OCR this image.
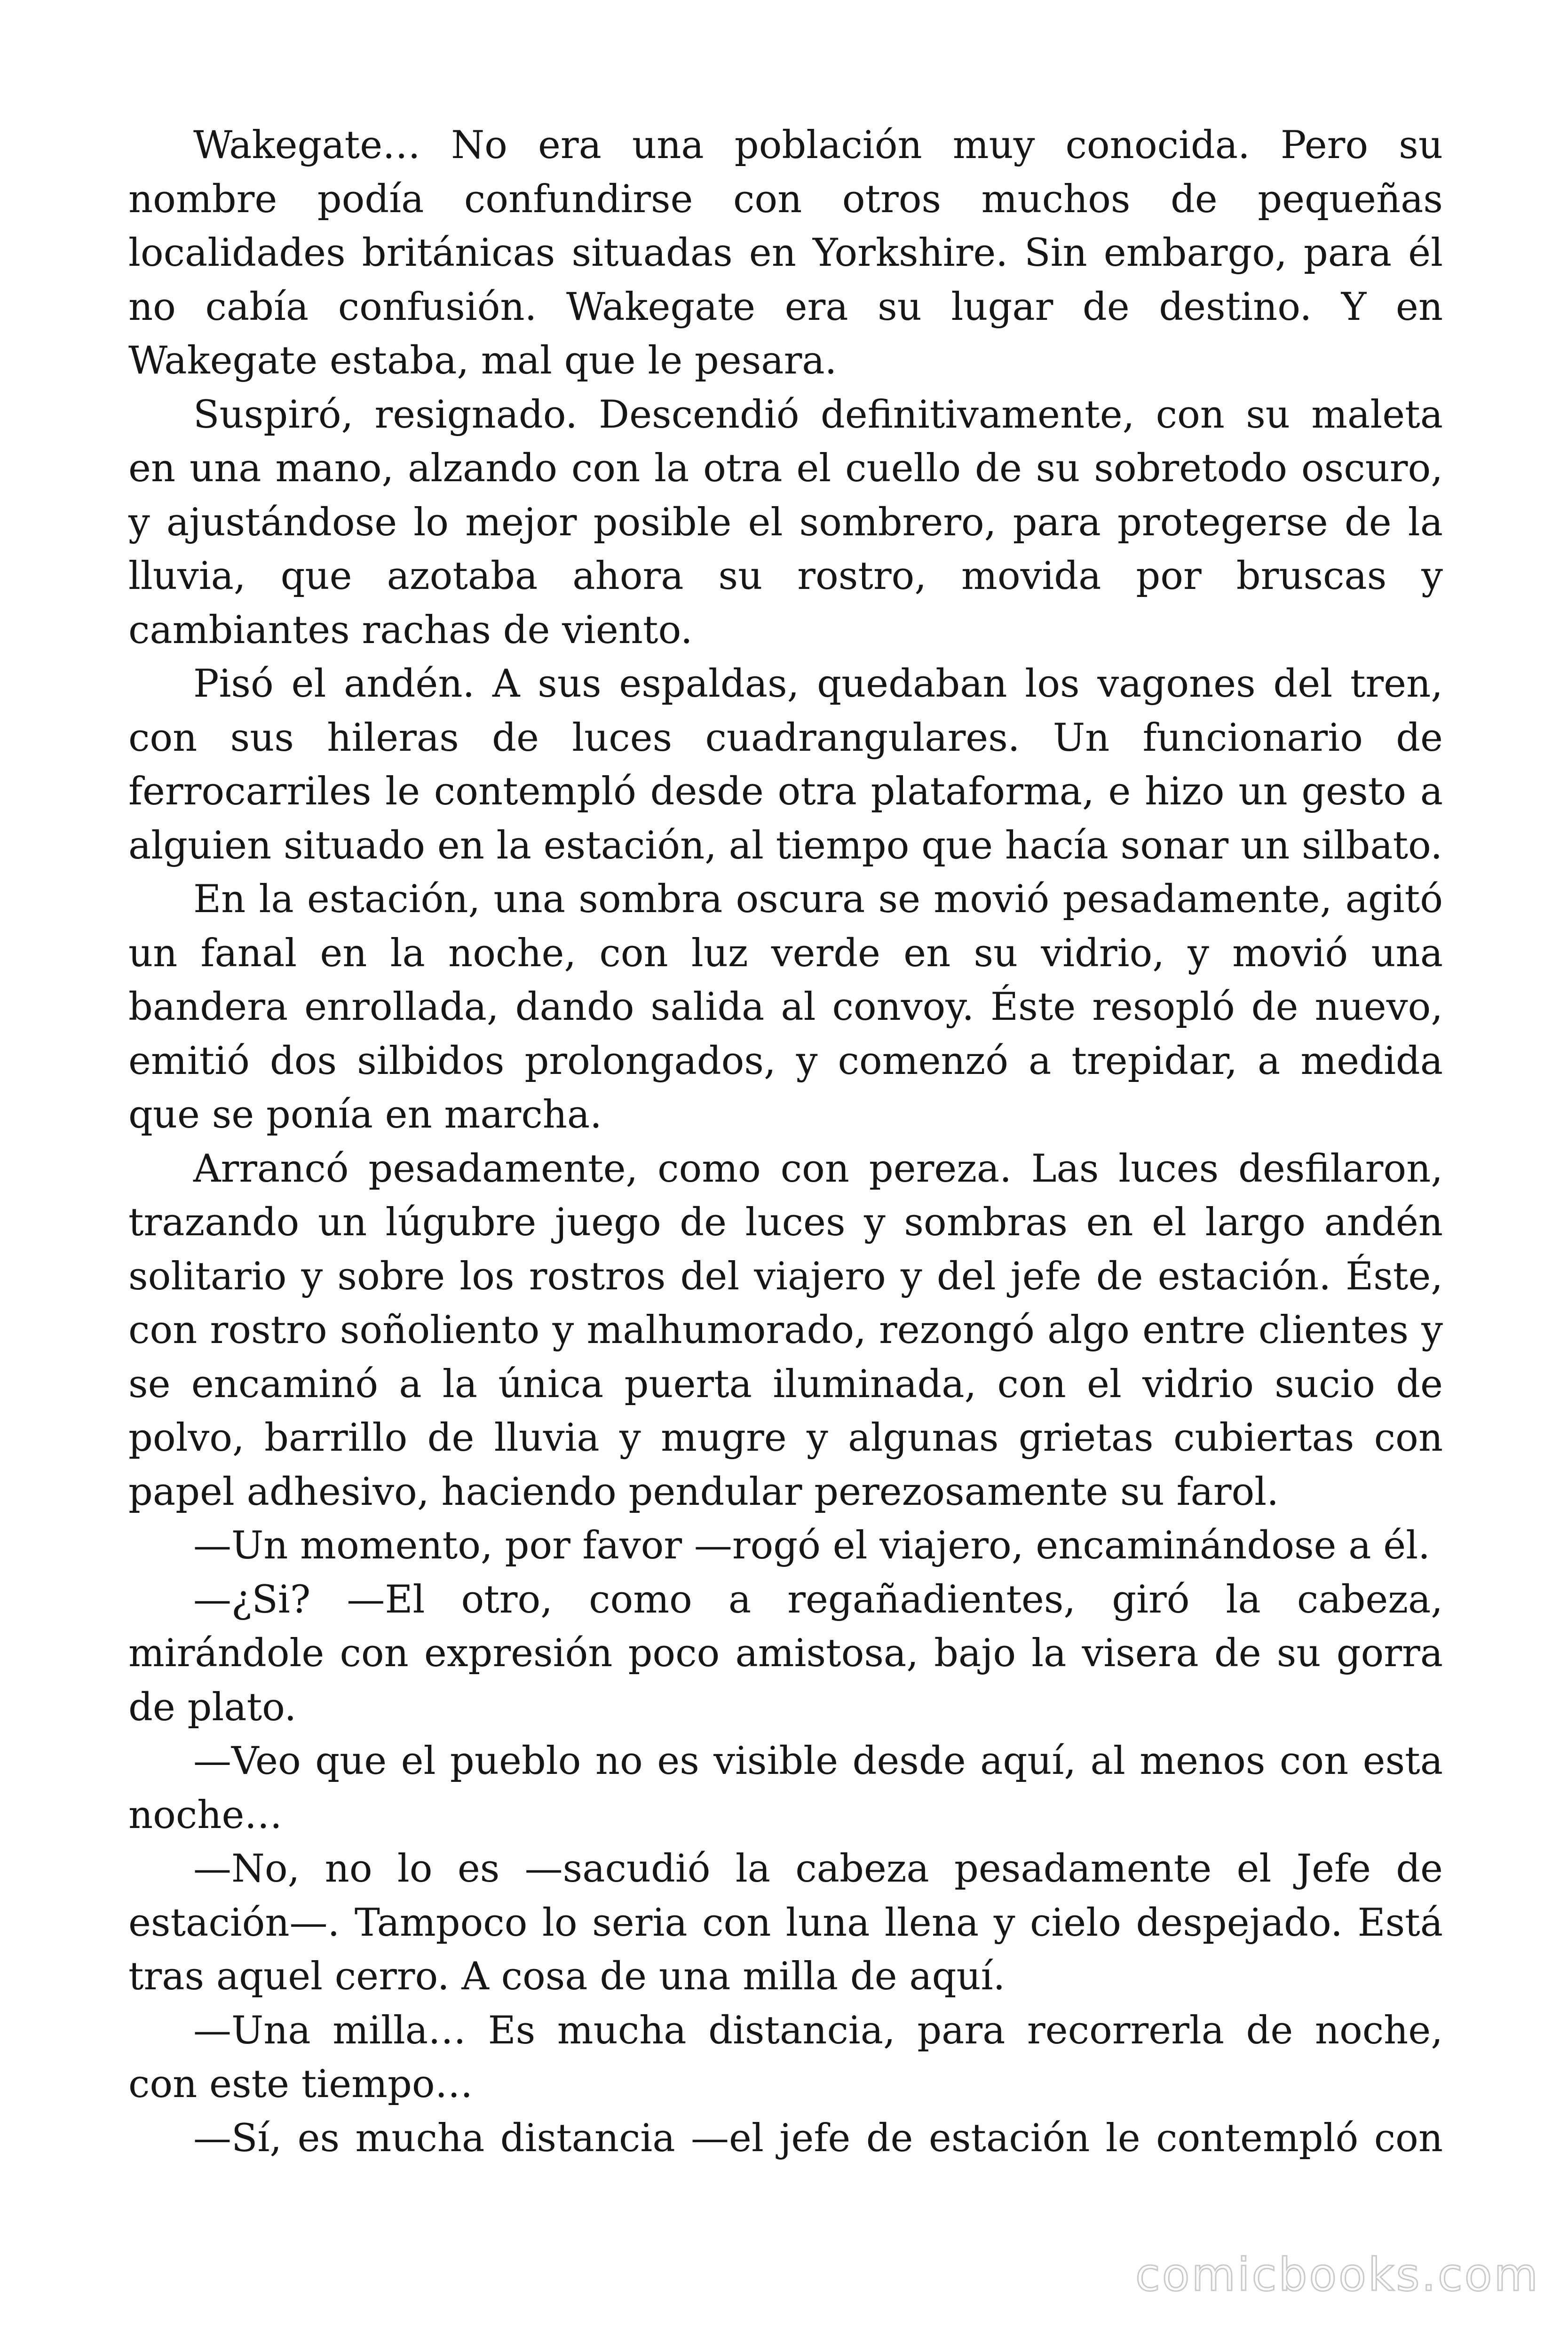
Wakegate… No era una población muy conocida. Pero su nombre podía confundirse con otros muchos de pequeñas localidades británicas situadas en Yorkshire. Sin embargo, para él no cabía confusión. Wakegate era su lugar de destino. Y en Wakegate estaba, mal que le pesara.

Suspiró, resignado. Descendió definitivamente, con su maleta en una mano, alzando con la otra el cuello de su sobretodo oscuro, y ajustándose lo mejor posible el sombrero, para protegerse de la lluvia, que azotaba ahora su rostro, movida por bruscas y cambiantes rachas de viento.

Pisó el andén. A sus espaldas, quedaban los vagones del tren, con sus hileras de luces cuadrangulares. Un funcionario de ferrocarriles le contempló desde otra plataforma, e hizo un gesto a alguien situado en la estación, al tiempo que hacía sonar un silbato.

En la estación, una sombra oscura se movió pesadamente, agitó un fanal en la noche, con luz verde en su vidrio, y movió una bandera enrollada, dando salida al convoy. Éste resopló de nuevo, emitió dos silbidos prolongados, y comenzó a trepidar, a medida que se ponía en marcha.

Arrancó pesadamente, como con pereza. Las luces desfilaron, trazando un lúgubre juego de luces y sombras en el largo andén solitario y sobre los rostros del viajero y del jefe de estación. Éste, con rostro soñoliento y malhumorado, rezongó algo entre clientes y se encaminó a la única puerta iluminada, con el vidrio sucio de polvo, barrillo de lluvia y mugre y algunas grietas cubiertas con papel adhesivo, haciendo pendular perezosamente su farol.

—Un momento, por favor —rogó el viajero, encaminándose a él.

—¿Si? —El otro, como a regañadientes, giró la cabeza, mirándole con expresión poco amistosa, bajo la visera de su gorra de plato.

—Veo que el pueblo no es visible desde aquí, al menos con esta noche…

—No, no lo es —sacudió la cabeza pesadamente el Jefe de estación—. Tampoco lo seria con luna llena y cielo despejado. Está tras aquel cerro. A cosa de una milla de aquí.

—Una milla… Es mucha distancia, para recorrerla de noche, con este tiempo…

—Sí, es mucha distancia —el jefe de estación le contempló con

comicbooks.com
